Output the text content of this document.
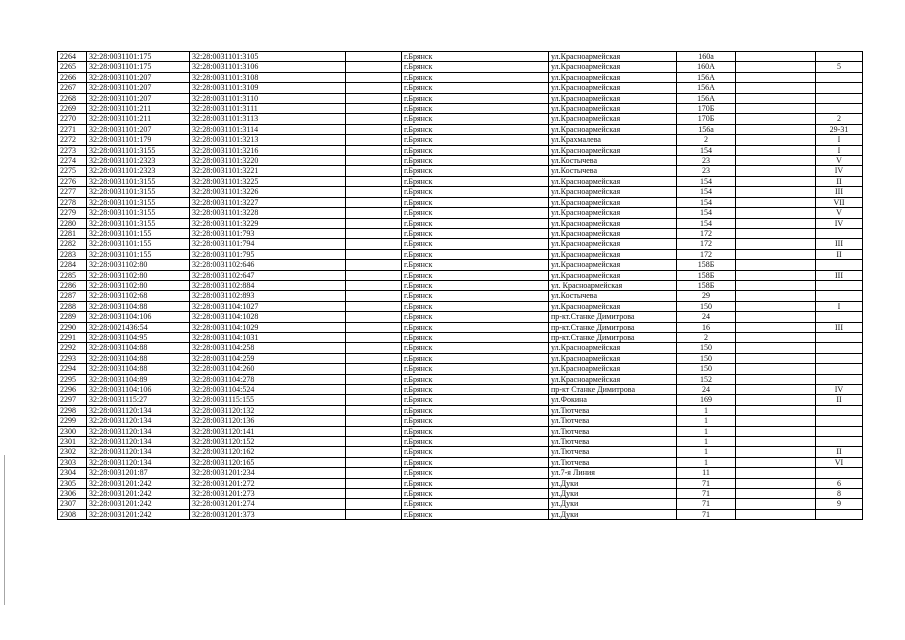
2264	32:28:0031101:175	32:28:0031101:3105		г.Брянск	ул.Красноармейская	160а		
2265	32:28:0031101:175	32:28:0031101:3106		г.Брянск	ул.Красноармейская	160А		5
2266	32:28:0031101:207	32:28:0031101:3108		г.Брянск	ул.Красноармейская	156А		
2267	32:28:0031101:207	32:28:0031101:3109		г.Брянск	ул.Красноармейская	156А		
2268	32:28:0031101:207	32:28:0031101:3110		г.Брянск	ул.Красноармейская	156А		
2269	32:28:0031101:211	32:28:0031101:3111		г.Брянск	ул.Красноармейская	170Б		
2270	32:28:0031101:211	32:28:0031101:3113		г.Брянск	ул.Красноармейская	170Б		2
2271	32:28:0031101:207	32:28:0031101:3114		г.Брянск	ул.Красноармейская	156а		29-31
2272	32:28:0031101:179	32:28:0031101:3213		г.Брянск	ул.Крахмалева	2		I
2273	32:28:0031101:3155	32:28:0031101:3216		г.Брянск	ул.Красноармейская	154		I
2274	32:28:0031101:2323	32:28:0031101:3220		г.Брянск	ул.Костычева	23		V
2275	32:28:0031101:2323	32:28:0031101:3221		г.Брянск	ул.Костычева	23		IV
2276	32:28:0031101:3155	32:28:0031101:3225		г.Брянск	ул.Красноармейская	154		II
2277	32:28:0031101:3155	32:28:0031101:3226		г.Брянск	ул.Красноармейская	154		III
2278	32:28:0031101:3155	32:28:0031101:3227		г.Брянск	ул.Красноармейская	154		VII
2279	32:28:0031101:3155	32:28:0031101:3228		г.Брянск	ул.Красноармейская	154		V
2280	32:28:0031101:3155	32:28:0031101:3229		г.Брянск	ул.Красноармейская	154		IV
2281	32:28:0031101:155	32:28:0031101:793		г.Брянск	ул.Красноармейская	172		
2282	32:28:0031101:155	32:28:0031101:794		г.Брянск	ул.Красноармейская	172		III
2283	32:28:0031101:155	32:28:0031101:795		г.Брянск	ул.Красноармейская	172		II
2284	32:28:0031102:80	32:28:0031102:646		г.Брянск	ул.Красноармейская	158Б		
2285	32:28:0031102:80	32:28:0031102:647		г.Брянск	ул.Красноармейская	158Б		III
2286	32:28:0031102:80	32:28:0031102:884		г.Брянск	ул. Красноармейская	158Б		
2287	32:28:0031102:68	32:28:0031102:893		г.Брянск	ул.Костычева	29		
2288	32:28:0031104:88	32:28:0031104:1027		г.Брянск	ул.Красноармейская	150		I
2289	32:28:0031104:106	32:28:0031104:1028		г.Брянск	пр-кт.Станке Димитрова	24		
2290	32:28:0021436:54	32:28:0031104:1029		г.Брянск	пр-кт.Станке Димитрова	16		III
2291	32:28:0031104:95	32:28:0031104:1031		г.Брянск	пр-кт.Станке Димитрова	2		
2292	32:28:0031104:88	32:28:0031104:258		г.Брянск	ул.Красноармейская	150		
2293	32:28:0031104:88	32:28:0031104:259		г.Брянск	ул.Красноармейская	150		
2294	32:28:0031104:88	32:28:0031104:260		г.Брянск	ул.Красноармейская	150		
2295	32:28:0031104:89	32:28:0031104:278		г.Брянск	ул.Красноармейская	152		
2296	32:28:0031104:106	32:28:0031104:524		г.Брянск	пр-кт Станке Димитрова	24		IV
2297	32:28:0031115:27	32:28:0031115:155		г.Брянск	ул.Фокина	169		II
2298	32:28:0031120:134	32:28:0031120:132		г.Брянск	ул.Тютчева	1		
2299	32:28:0031120:134	32:28:0031120:136		г.Брянск	ул.Тютчева	1		
2300	32:28:0031120:134	32:28:0031120:141		г.Брянск	ул.Тютчева	1		
2301	32:28:0031120:134	32:28:0031120:152		г.Брянск	ул.Тютчева	1		
2302	32:28:0031120:134	32:28:0031120:162		г.Брянск	ул.Тютчева	1		II
2303	32:28:0031120:134	32:28:0031120:165		г.Брянск	ул.Тютчева	1		VI
2304	32:28:0031201:87	32:28:0031201:234		г.Брянск	ул.7-я Линия	11		
2305	32:28:0031201:242	32:28:0031201:272		г.Брянск	ул.Дуки	71		6
2306	32:28:0031201:242	32:28:0031201:273		г.Брянск	ул.Дуки	71		8
2307	32:28:0031201:242	32:28:0031201:274		г.Брянск	ул.Дуки	71		9
2308	32:28:0031201:242	32:28:0031201:373		г.Брянск	ул.Дуки	71		
